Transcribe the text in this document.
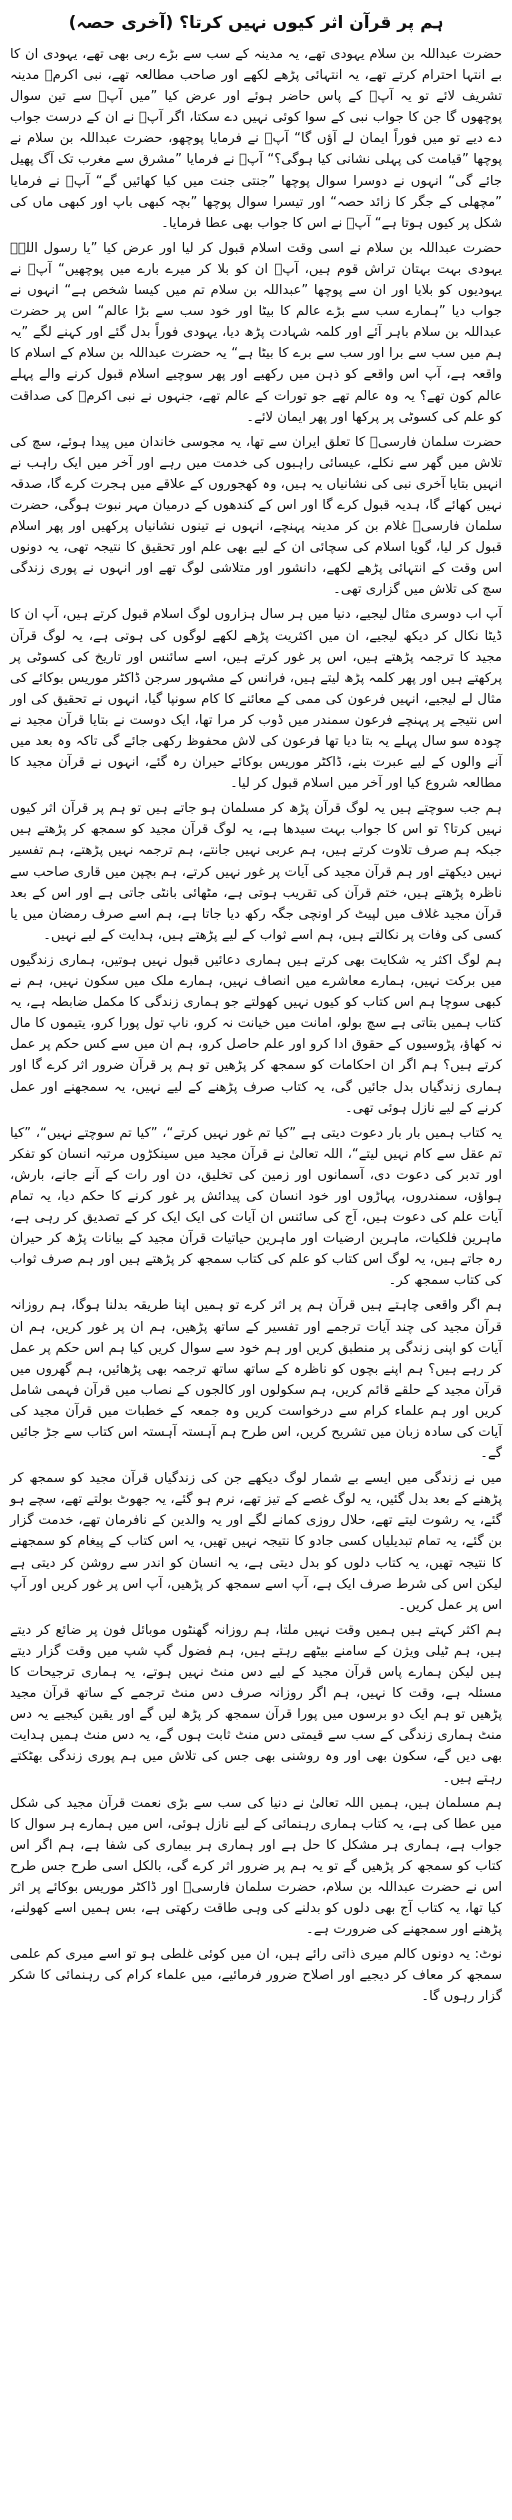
ہم پر قرآن اثر کیوں نہیں کرتا؟ (آخری حصہ)

حضرت عبداللہ بن سلام یہودی تھے، یہ مدینہ کے سب سے بڑے ربی بھی تھے، یہودی ان کا بے انتہا احترام کرتے تھے، یہ انتہائی پڑھے لکھے اور صاحب مطالعہ تھے، نبی اکرمؐ مدینہ تشریف لائے تو یہ آپؐ کے پاس حاضر ہوئے اور عرض کیا ”میں آپؐ سے تین سوال پوچھوں گا جن کا جواب نبی کے سوا کوئی نہیں دے سکتا، اگر آپؐ نے ان کے درست جواب دے دیے تو میں فوراً ایمان لے آؤں گا“ آپؐ نے فرمایا پوچھو، حضرت عبداللہ بن سلام نے پوچھا ”قیامت کی پہلی نشانی کیا ہوگی؟“ آپؐ نے فرمایا ”مشرق سے مغرب تک آگ پھیل جائے گی“ انہوں نے دوسرا سوال پوچھا ”جنتی جنت میں کیا کھائیں گے“ آپؐ نے فرمایا ”مچھلی کے جگر کا زائد حصہ“ اور تیسرا سوال پوچھا ”بچہ کبھی باپ اور کبھی ماں کی شکل پر کیوں ہوتا ہے“ آپؐ نے اس کا جواب بھی عطا فرمایا۔

حضرت عبداللہ بن سلام نے اسی وقت اسلام قبول کر لیا اور عرض کیا ”یا رسول اللہؐ یہودی بہت بہتان تراش قوم ہیں، آپؐ ان کو بلا کر میرے بارے میں پوچھیں“ آپؐ نے یہودیوں کو بلایا اور ان سے پوچھا ”عبداللہ بن سلام تم میں کیسا شخص ہے“ انہوں نے جواب دیا ”ہمارے سب سے بڑے عالم کا بیٹا اور خود سب سے بڑا عالم“ اس پر حضرت عبداللہ بن سلام باہر آئے اور کلمہ شہادت پڑھ دیا، یہودی فوراً بدل گئے اور کہنے لگے ”یہ ہم میں سب سے برا اور سب سے برے کا بیٹا ہے“ یہ حضرت عبداللہ بن سلام کے اسلام کا واقعہ ہے، آپ اس واقعے کو ذہن میں رکھیے اور پھر سوچیے اسلام قبول کرنے والے پہلے عالم کون تھے؟ یہ وہ عالم تھے جو تورات کے عالم تھے، جنہوں نے نبی اکرمؐ کی صداقت کو علم کی کسوٹی پر پرکھا اور پھر ایمان لائے۔

حضرت سلمان فارسیؓ کا تعلق ایران سے تھا، یہ مجوسی خاندان میں پیدا ہوئے، سچ کی تلاش میں گھر سے نکلے، عیسائی راہبوں کی خدمت میں رہے اور آخر میں ایک راہب نے انہیں بتایا آخری نبی کی نشانیاں یہ ہیں، وہ کھجوروں کے علاقے میں ہجرت کرے گا، صدقہ نہیں کھائے گا، ہدیہ قبول کرے گا اور اس کے کندھوں کے درمیان مہر نبوت ہوگی، حضرت سلمان فارسیؓ غلام بن کر مدینہ پہنچے، انہوں نے تینوں نشانیاں پرکھیں اور پھر اسلام قبول کر لیا، گویا اسلام کی سچائی ان کے لیے بھی علم اور تحقیق کا نتیجہ تھی، یہ دونوں اس وقت کے انتہائی پڑھے لکھے، دانشور اور متلاشی لوگ تھے اور انہوں نے پوری زندگی سچ کی تلاش میں گزاری تھی۔

آپ اب دوسری مثال لیجیے، دنیا میں ہر سال ہزاروں لوگ اسلام قبول کرتے ہیں، آپ ان کا ڈیٹا نکال کر دیکھ لیجیے، ان میں اکثریت پڑھے لکھے لوگوں کی ہوتی ہے، یہ لوگ قرآن مجید کا ترجمہ پڑھتے ہیں، اس پر غور کرتے ہیں، اسے سائنس اور تاریخ کی کسوٹی پر پرکھتے ہیں اور پھر کلمہ پڑھ لیتے ہیں، فرانس کے مشہور سرجن ڈاکٹر موریس بوکائے کی مثال لے لیجیے، انہیں فرعون کی ممی کے معائنے کا کام سونپا گیا، انہوں نے تحقیق کی اور اس نتیجے پر پہنچے فرعون سمندر میں ڈوب کر مرا تھا، ایک دوست نے بتایا قرآن مجید نے چودہ سو سال پہلے یہ بتا دیا تھا فرعون کی لاش محفوظ رکھی جائے گی تاکہ وہ بعد میں آنے والوں کے لیے عبرت بنے، ڈاکٹر موریس بوکائے حیران رہ گئے، انہوں نے قرآن مجید کا مطالعہ شروع کیا اور آخر میں اسلام قبول کر لیا۔

ہم جب سوچتے ہیں یہ لوگ قرآن پڑھ کر مسلمان ہو جاتے ہیں تو ہم پر قرآن اثر کیوں نہیں کرتا؟ تو اس کا جواب بہت سیدھا ہے، یہ لوگ قرآن مجید کو سمجھ کر پڑھتے ہیں جبکہ ہم صرف تلاوت کرتے ہیں، ہم عربی نہیں جانتے، ہم ترجمہ نہیں پڑھتے، ہم تفسیر نہیں دیکھتے اور ہم قرآن مجید کی آیات پر غور نہیں کرتے، ہم بچپن میں قاری صاحب سے ناظرہ پڑھتے ہیں، ختم قرآن کی تقریب ہوتی ہے، مٹھائی بانٹی جاتی ہے اور اس کے بعد قرآن مجید غلاف میں لپیٹ کر اونچی جگہ رکھ دیا جاتا ہے، ہم اسے صرف رمضان میں یا کسی کی وفات پر نکالتے ہیں، ہم اسے ثواب کے لیے پڑھتے ہیں، ہدایت کے لیے نہیں۔

ہم لوگ اکثر یہ شکایت بھی کرتے ہیں ہماری دعائیں قبول نہیں ہوتیں، ہماری زندگیوں میں برکت نہیں، ہمارے معاشرے میں انصاف نہیں، ہمارے ملک میں سکون نہیں، ہم نے کبھی سوچا ہم اس کتاب کو کیوں نہیں کھولتے جو ہماری زندگی کا مکمل ضابطہ ہے، یہ کتاب ہمیں بتاتی ہے سچ بولو، امانت میں خیانت نہ کرو، ناپ تول پورا کرو، یتیموں کا مال نہ کھاؤ، پڑوسیوں کے حقوق ادا کرو اور علم حاصل کرو، ہم ان میں سے کس حکم پر عمل کرتے ہیں؟ ہم اگر ان احکامات کو سمجھ کر پڑھیں تو ہم پر قرآن ضرور اثر کرے گا اور ہماری زندگیاں بدل جائیں گی، یہ کتاب صرف پڑھنے کے لیے نہیں، یہ سمجھنے اور عمل کرنے کے لیے نازل ہوئی تھی۔

یہ کتاب ہمیں بار بار دعوت دیتی ہے ”کیا تم غور نہیں کرتے“، ”کیا تم سوچتے نہیں“، ”کیا تم عقل سے کام نہیں لیتے“، اللہ تعالیٰ نے قرآن مجید میں سینکڑوں مرتبہ انسان کو تفکر اور تدبر کی دعوت دی، آسمانوں اور زمین کی تخلیق، دن اور رات کے آنے جانے، بارش، ہواؤں، سمندروں، پہاڑوں اور خود انسان کی پیدائش پر غور کرنے کا حکم دیا، یہ تمام آیات علم کی دعوت ہیں، آج کی سائنس ان آیات کی ایک ایک کر کے تصدیق کر رہی ہے، ماہرین فلکیات، ماہرین ارضیات اور ماہرین حیاتیات قرآن مجید کے بیانات پڑھ کر حیران رہ جاتے ہیں، یہ لوگ اس کتاب کو علم کی کتاب سمجھ کر پڑھتے ہیں اور ہم صرف ثواب کی کتاب سمجھ کر۔

ہم اگر واقعی چاہتے ہیں قرآن ہم پر اثر کرے تو ہمیں اپنا طریقہ بدلنا ہوگا، ہم روزانہ قرآن مجید کی چند آیات ترجمے اور تفسیر کے ساتھ پڑھیں، ہم ان پر غور کریں، ہم ان آیات کو اپنی زندگی پر منطبق کریں اور ہم خود سے سوال کریں کیا ہم اس حکم پر عمل کر رہے ہیں؟ ہم اپنے بچوں کو ناظرہ کے ساتھ ساتھ ترجمہ بھی پڑھائیں، ہم گھروں میں قرآن مجید کے حلقے قائم کریں، ہم سکولوں اور کالجوں کے نصاب میں قرآن فہمی شامل کریں اور ہم علماء کرام سے درخواست کریں وہ جمعہ کے خطبات میں قرآن مجید کی آیات کی سادہ زبان میں تشریح کریں، اس طرح ہم آہستہ آہستہ اس کتاب سے جڑ جائیں گے۔

میں نے زندگی میں ایسے بے شمار لوگ دیکھے جن کی زندگیاں قرآن مجید کو سمجھ کر پڑھنے کے بعد بدل گئیں، یہ لوگ غصے کے تیز تھے، نرم ہو گئے، یہ جھوٹ بولتے تھے، سچے ہو گئے، یہ رشوت لیتے تھے، حلال روزی کمانے لگے اور یہ والدین کے نافرمان تھے، خدمت گزار بن گئے، یہ تمام تبدیلیاں کسی جادو کا نتیجہ نہیں تھیں، یہ اس کتاب کے پیغام کو سمجھنے کا نتیجہ تھیں، یہ کتاب دلوں کو بدل دیتی ہے، یہ انسان کو اندر سے روشن کر دیتی ہے لیکن اس کی شرط صرف ایک ہے، آپ اسے سمجھ کر پڑھیں، آپ اس پر غور کریں اور آپ اس پر عمل کریں۔

ہم اکثر کہتے ہیں ہمیں وقت نہیں ملتا، ہم روزانہ گھنٹوں موبائل فون پر ضائع کر دیتے ہیں، ہم ٹیلی ویژن کے سامنے بیٹھے رہتے ہیں، ہم فضول گپ شپ میں وقت گزار دیتے ہیں لیکن ہمارے پاس قرآن مجید کے لیے دس منٹ نہیں ہوتے، یہ ہماری ترجیحات کا مسئلہ ہے، وقت کا نہیں، ہم اگر روزانہ صرف دس منٹ ترجمے کے ساتھ قرآن مجید پڑھیں تو ہم ایک دو برسوں میں پورا قرآن سمجھ کر پڑھ لیں گے اور یقین کیجیے یہ دس منٹ ہماری زندگی کے سب سے قیمتی دس منٹ ثابت ہوں گے، یہ دس منٹ ہمیں ہدایت بھی دیں گے، سکون بھی اور وہ روشنی بھی جس کی تلاش میں ہم پوری زندگی بھٹکتے رہتے ہیں۔

ہم مسلمان ہیں، ہمیں اللہ تعالیٰ نے دنیا کی سب سے بڑی نعمت قرآن مجید کی شکل میں عطا کی ہے، یہ کتاب ہماری رہنمائی کے لیے نازل ہوئی، اس میں ہمارے ہر سوال کا جواب ہے، ہماری ہر مشکل کا حل ہے اور ہماری ہر بیماری کی شفا ہے، ہم اگر اس کتاب کو سمجھ کر پڑھیں گے تو یہ ہم پر ضرور اثر کرے گی، بالکل اسی طرح جس طرح اس نے حضرت عبداللہ بن سلام، حضرت سلمان فارسیؓ اور ڈاکٹر موریس بوکائے پر اثر کیا تھا، یہ کتاب آج بھی دلوں کو بدلنے کی وہی طاقت رکھتی ہے، بس ہمیں اسے کھولنے، پڑھنے اور سمجھنے کی ضرورت ہے۔

نوٹ: یہ دونوں کالم میری ذاتی رائے ہیں، ان میں کوئی غلطی ہو تو اسے میری کم علمی سمجھ کر معاف کر دیجیے اور اصلاح ضرور فرمائیے، میں علماء کرام کی رہنمائی کا شکر گزار رہوں گا۔
